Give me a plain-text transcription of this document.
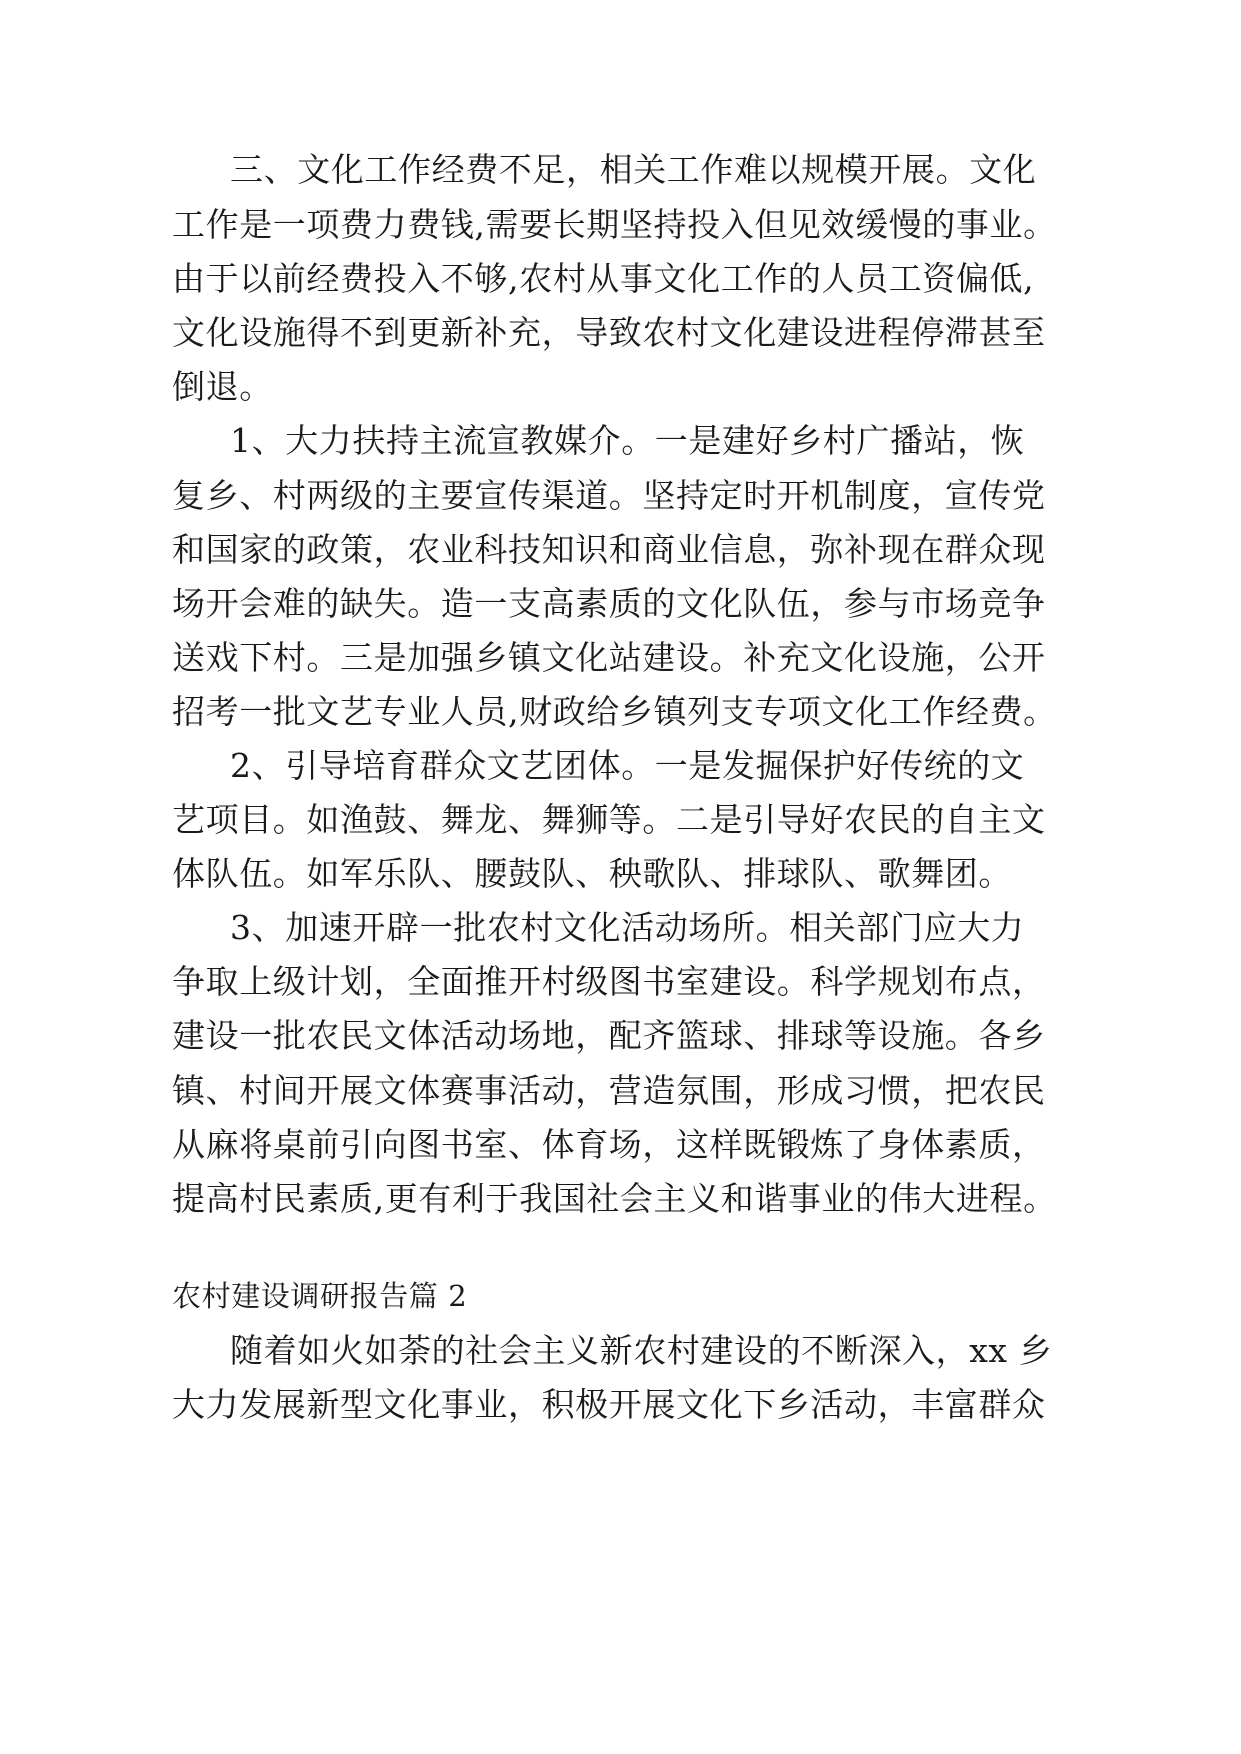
三、文化工作经费不足，相关工作难以规模开展。文化
工作是一项费力费钱,需要长期坚持投入但见效缓慢的事业。
由于以前经费投入不够,农村从事文化工作的人员工资偏低,
文化设施得不到更新补充，导致农村文化建设进程停滞甚至
倒退。
1、大力扶持主流宣教媒介。一是建好乡村广播站，恢
复乡、村两级的主要宣传渠道。坚持定时开机制度，宣传党
和国家的政策，农业科技知识和商业信息，弥补现在群众现
场开会难的缺失。造一支高素质的文化队伍，参与市场竞争
送戏下村。三是加强乡镇文化站建设。补充文化设施，公开
招考一批文艺专业人员,财政给乡镇列支专项文化工作经费。
2、引导培育群众文艺团体。一是发掘保护好传统的文
艺项目。如渔鼓、舞龙、舞狮等。二是引导好农民的自主文
体队伍。如军乐队、腰鼓队、秧歌队、排球队、歌舞团。
3、加速开辟一批农村文化活动场所。相关部门应大力
争取上级计划，全面推开村级图书室建设。科学规划布点，
建设一批农民文体活动场地，配齐篮球、排球等设施。各乡
镇、村间开展文体赛事活动，营造氛围，形成习惯，把农民
从麻将桌前引向图书室、体育场，这样既锻炼了身体素质，
提高村民素质,更有利于我国社会主义和谐事业的伟大进程。
农村建设调研报告篇 2
随着如火如荼的社会主义新农村建设的不断深入，xx 乡
大力发展新型文化事业，积极开展文化下乡活动，丰富群众
